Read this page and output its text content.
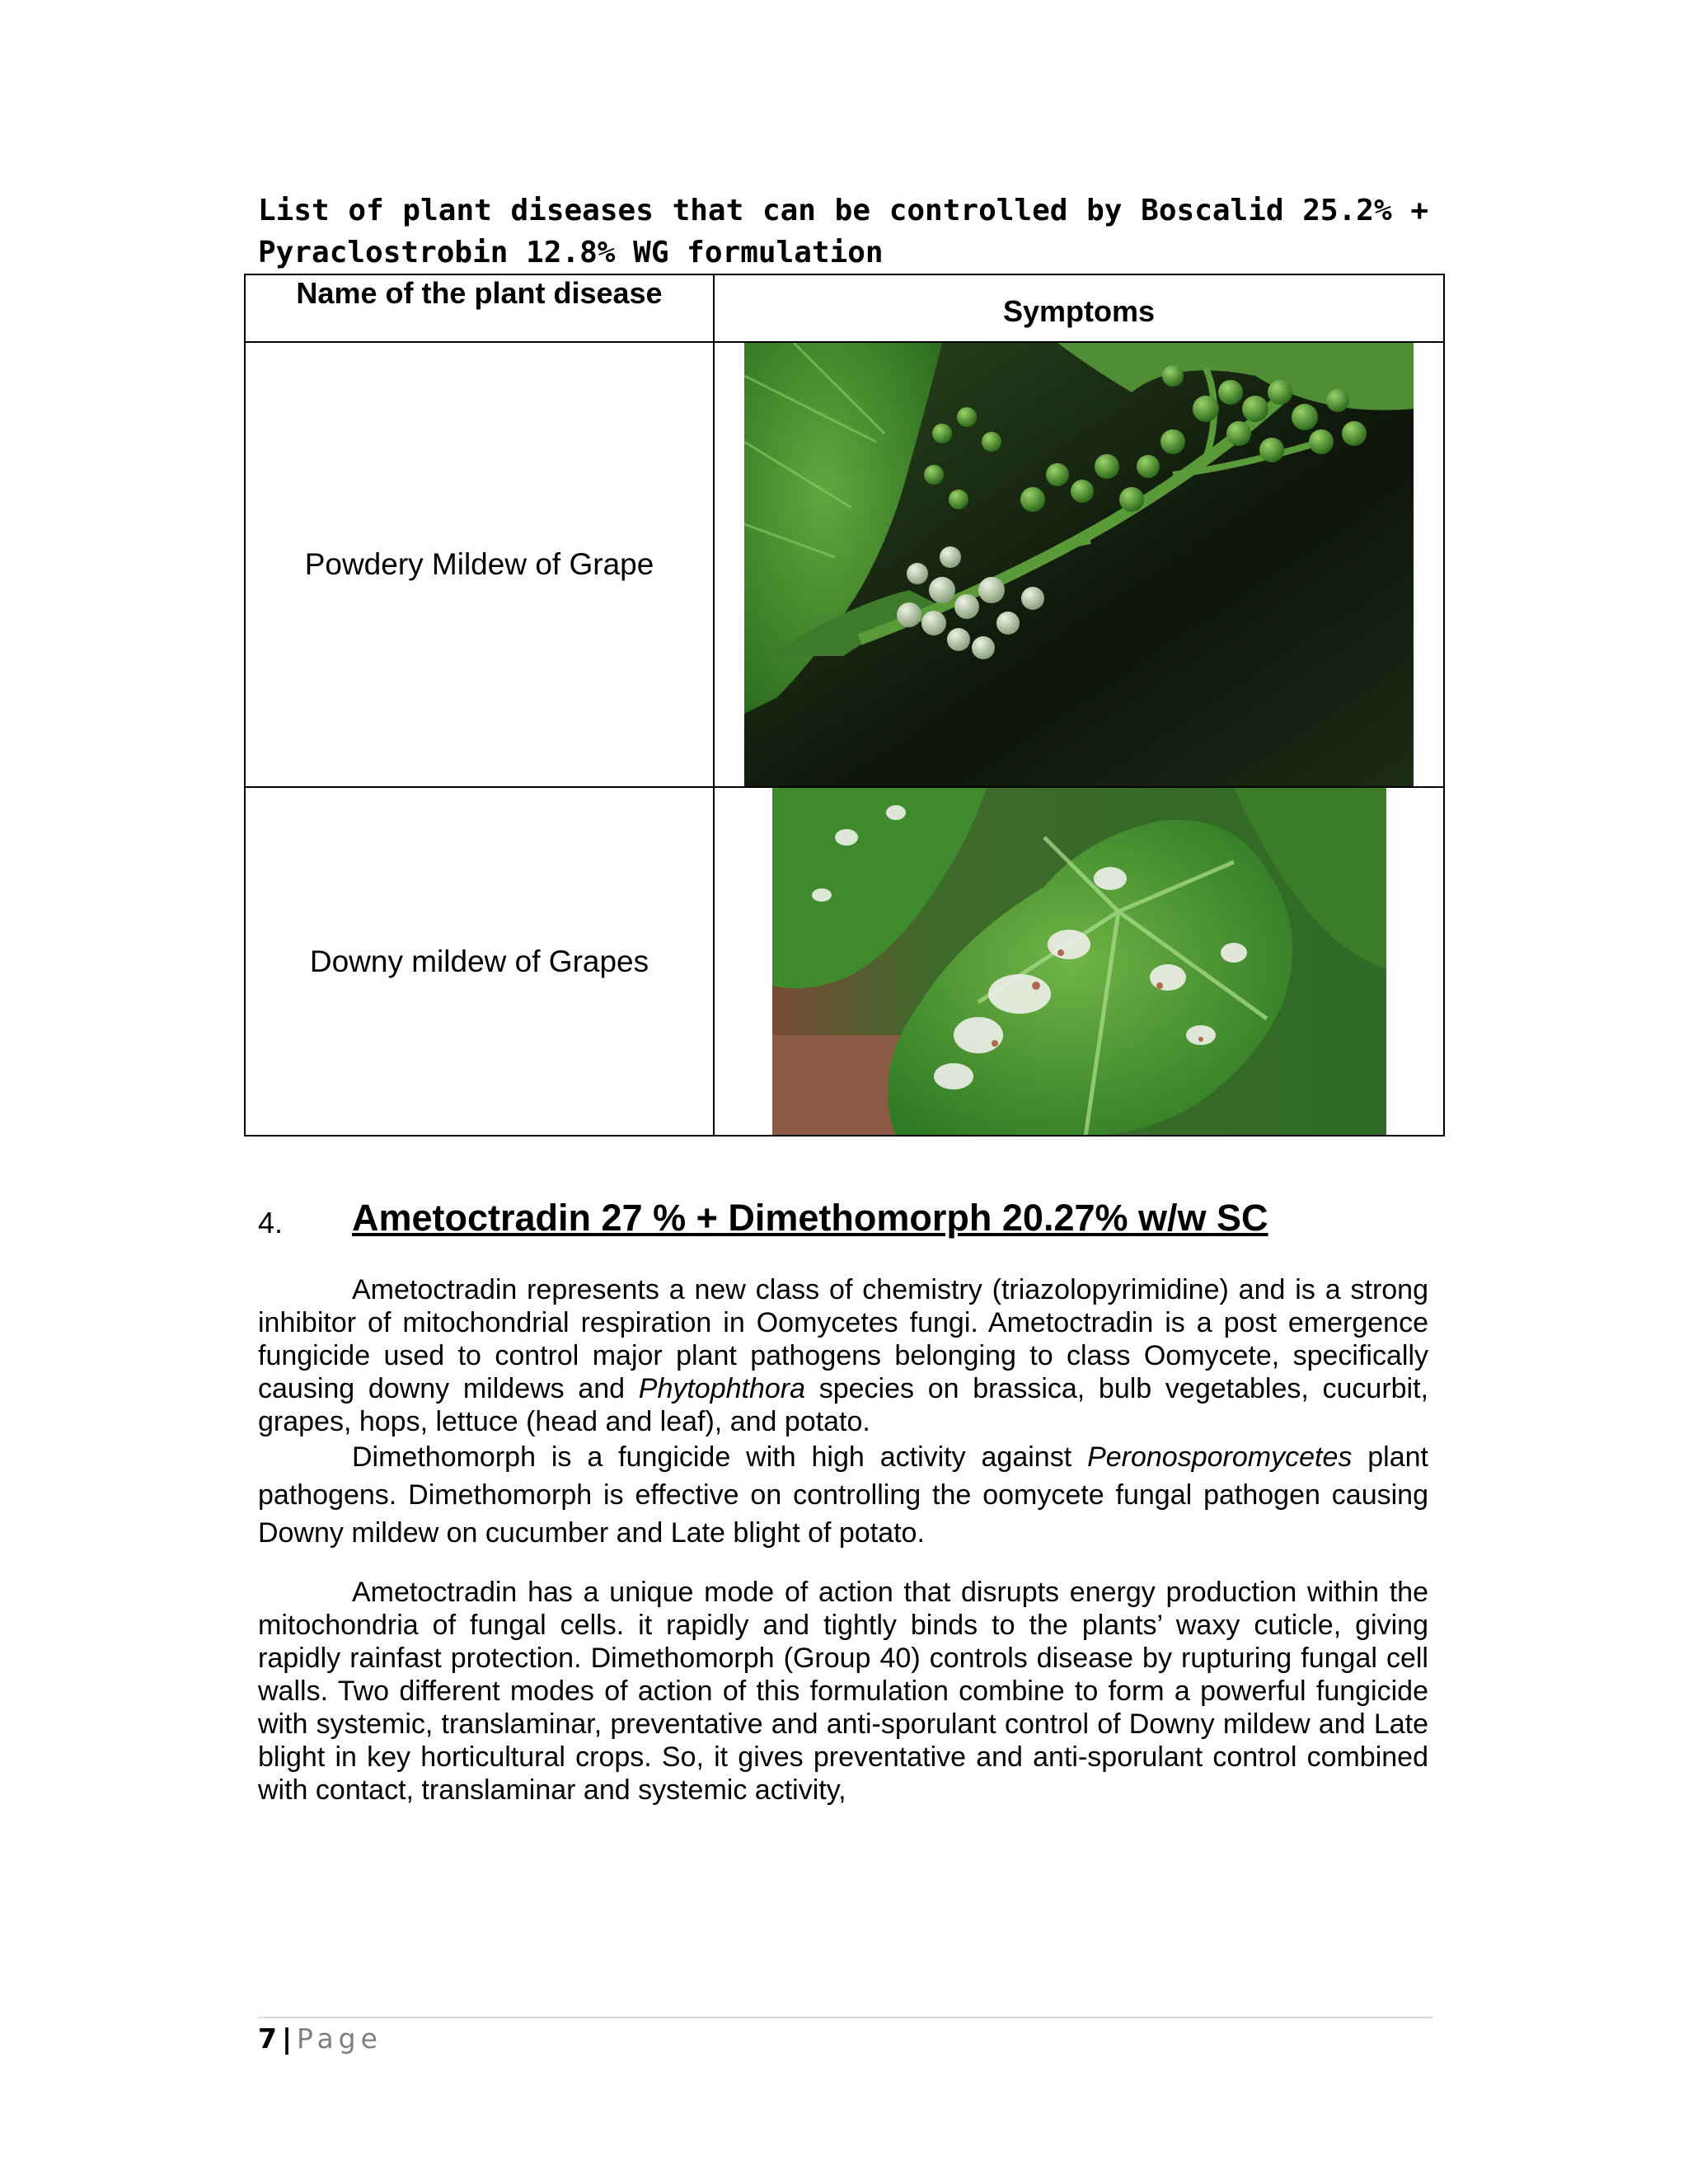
List of plant diseases that can be controlled by Boscalid 25.2% + Pyraclostrobin 12.8% WG formulation

Name of the plant disease	Symptoms
Powdery Mildew of Grape	

Downy mildew of Grapes	

4. Ametoctradin 27 % + Dimethomorph 20.27% w/w SC

Ametoctradin represents a new class of chemistry (triazolopyrimidine) and is a strong inhibitor of mitochondrial respiration in Oomycetes fungi. Ametoctradin is a post emergence fungicide used to control major plant pathogens belonging to class Oomycete, specifically causing downy mildews and Phytophthora species on brassica, bulb vegetables, cucurbit, grapes, hops, lettuce (head and leaf), and potato.

Dimethomorph is a fungicide with high activity against Peronosporomycetes plant pathogens. Dimethomorph is effective on controlling the oomycete fungal pathogen causing Downy mildew on cucumber and Late blight of potato.

Ametoctradin has a unique mode of action that disrupts energy production within the mitochondria of fungal cells. it rapidly and tightly binds to the plants’ waxy cuticle, giving rapidly rainfast protection. Dimethomorph (Group 40) controls disease by rupturing fungal cell walls. Two different modes of action of this formulation combine to form a powerful fungicide with systemic, translaminar, preventative and anti-sporulant control of Downy mildew and Late blight in key horticultural crops. So, it gives preventative and anti-sporulant control combined with contact, translaminar and systemic activity,

7 | Page
